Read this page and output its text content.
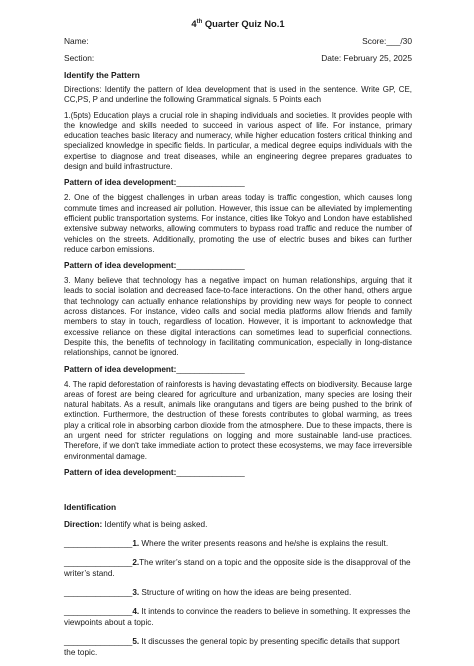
4th Quarter Quiz No.1
Name:	Score:___/30
Section:	Date: February 25, 2025
Identify the Pattern

Directions: Identify the pattern of Idea development that is used in the sentence. Write GP, CE, CC,PS, P and underline the following Grammatical signals. 5 Points each

1.(5pts) Education plays a crucial role in shaping individuals and societies. It provides people with the knowledge and skills needed to succeed in various aspect of life. For instance, primary education teaches basic literacy and numeracy, while higher education fosters critical thinking and specialized knowledge in specific fields. In particular, a medical degree equips individuals with the expertise to diagnose and treat diseases, while an engineering degree prepares graduates to design and build infrastructure.

Pattern of idea development:_______________

2. One of the biggest challenges in urban areas today is traffic congestion, which causes long commute times and increased air pollution. However, this issue can be alleviated by implementing efficient public transportation systems. For instance, cities like Tokyo and London have established extensive subway networks, allowing commuters to bypass road traffic and reduce the number of vehicles on the streets. Additionally, promoting the use of electric buses and bikes can further reduce carbon emissions.

Pattern of idea development:_______________

3. Many believe that technology has a negative impact on human relationships, arguing that it leads to social isolation and decreased face-to-face interactions. On the other hand, others argue that technology can actually enhance relationships by providing new ways for people to connect across distances. For instance, video calls and social media platforms allow friends and family members to stay in touch, regardless of location. However, it is important to acknowledge that excessive reliance on these digital interactions can sometimes lead to superficial connections. Despite this, the benefits of technology in facilitating communication, especially in long-distance relationships, cannot be ignored.

Pattern of idea development:_______________

4. The rapid deforestation of rainforests is having devastating effects on biodiversity. Because large areas of forest are being cleared for agriculture and urbanization, many species are losing their natural habitats. As a result, animals like orangutans and tigers are being pushed to the brink of extinction. Furthermore, the destruction of these forests contributes to global warming, as trees play a critical role in absorbing carbon dioxide from the atmosphere. Due to these impacts, there is an urgent need for stricter regulations on logging and more sustainable land-use practices. Therefore, if we don't take immediate action to protect these ecosystems, we may face irreversible environmental damage.

Pattern of idea development:_______________
Identification
Direction: Identify what is being asked.
_______________1. Where the writer presents reasons and he/she is explains the result.
_______________2.The writer’s stand on a topic and the opposite side is the disapproval of the writer’s stand.
_______________3. Structure of writing on how the ideas are being presented.
_______________4. It intends to convince the readers to believe in something. It expresses the viewpoints about a topic.
_______________5. It discusses the general topic by presenting specific details that support the topic.
